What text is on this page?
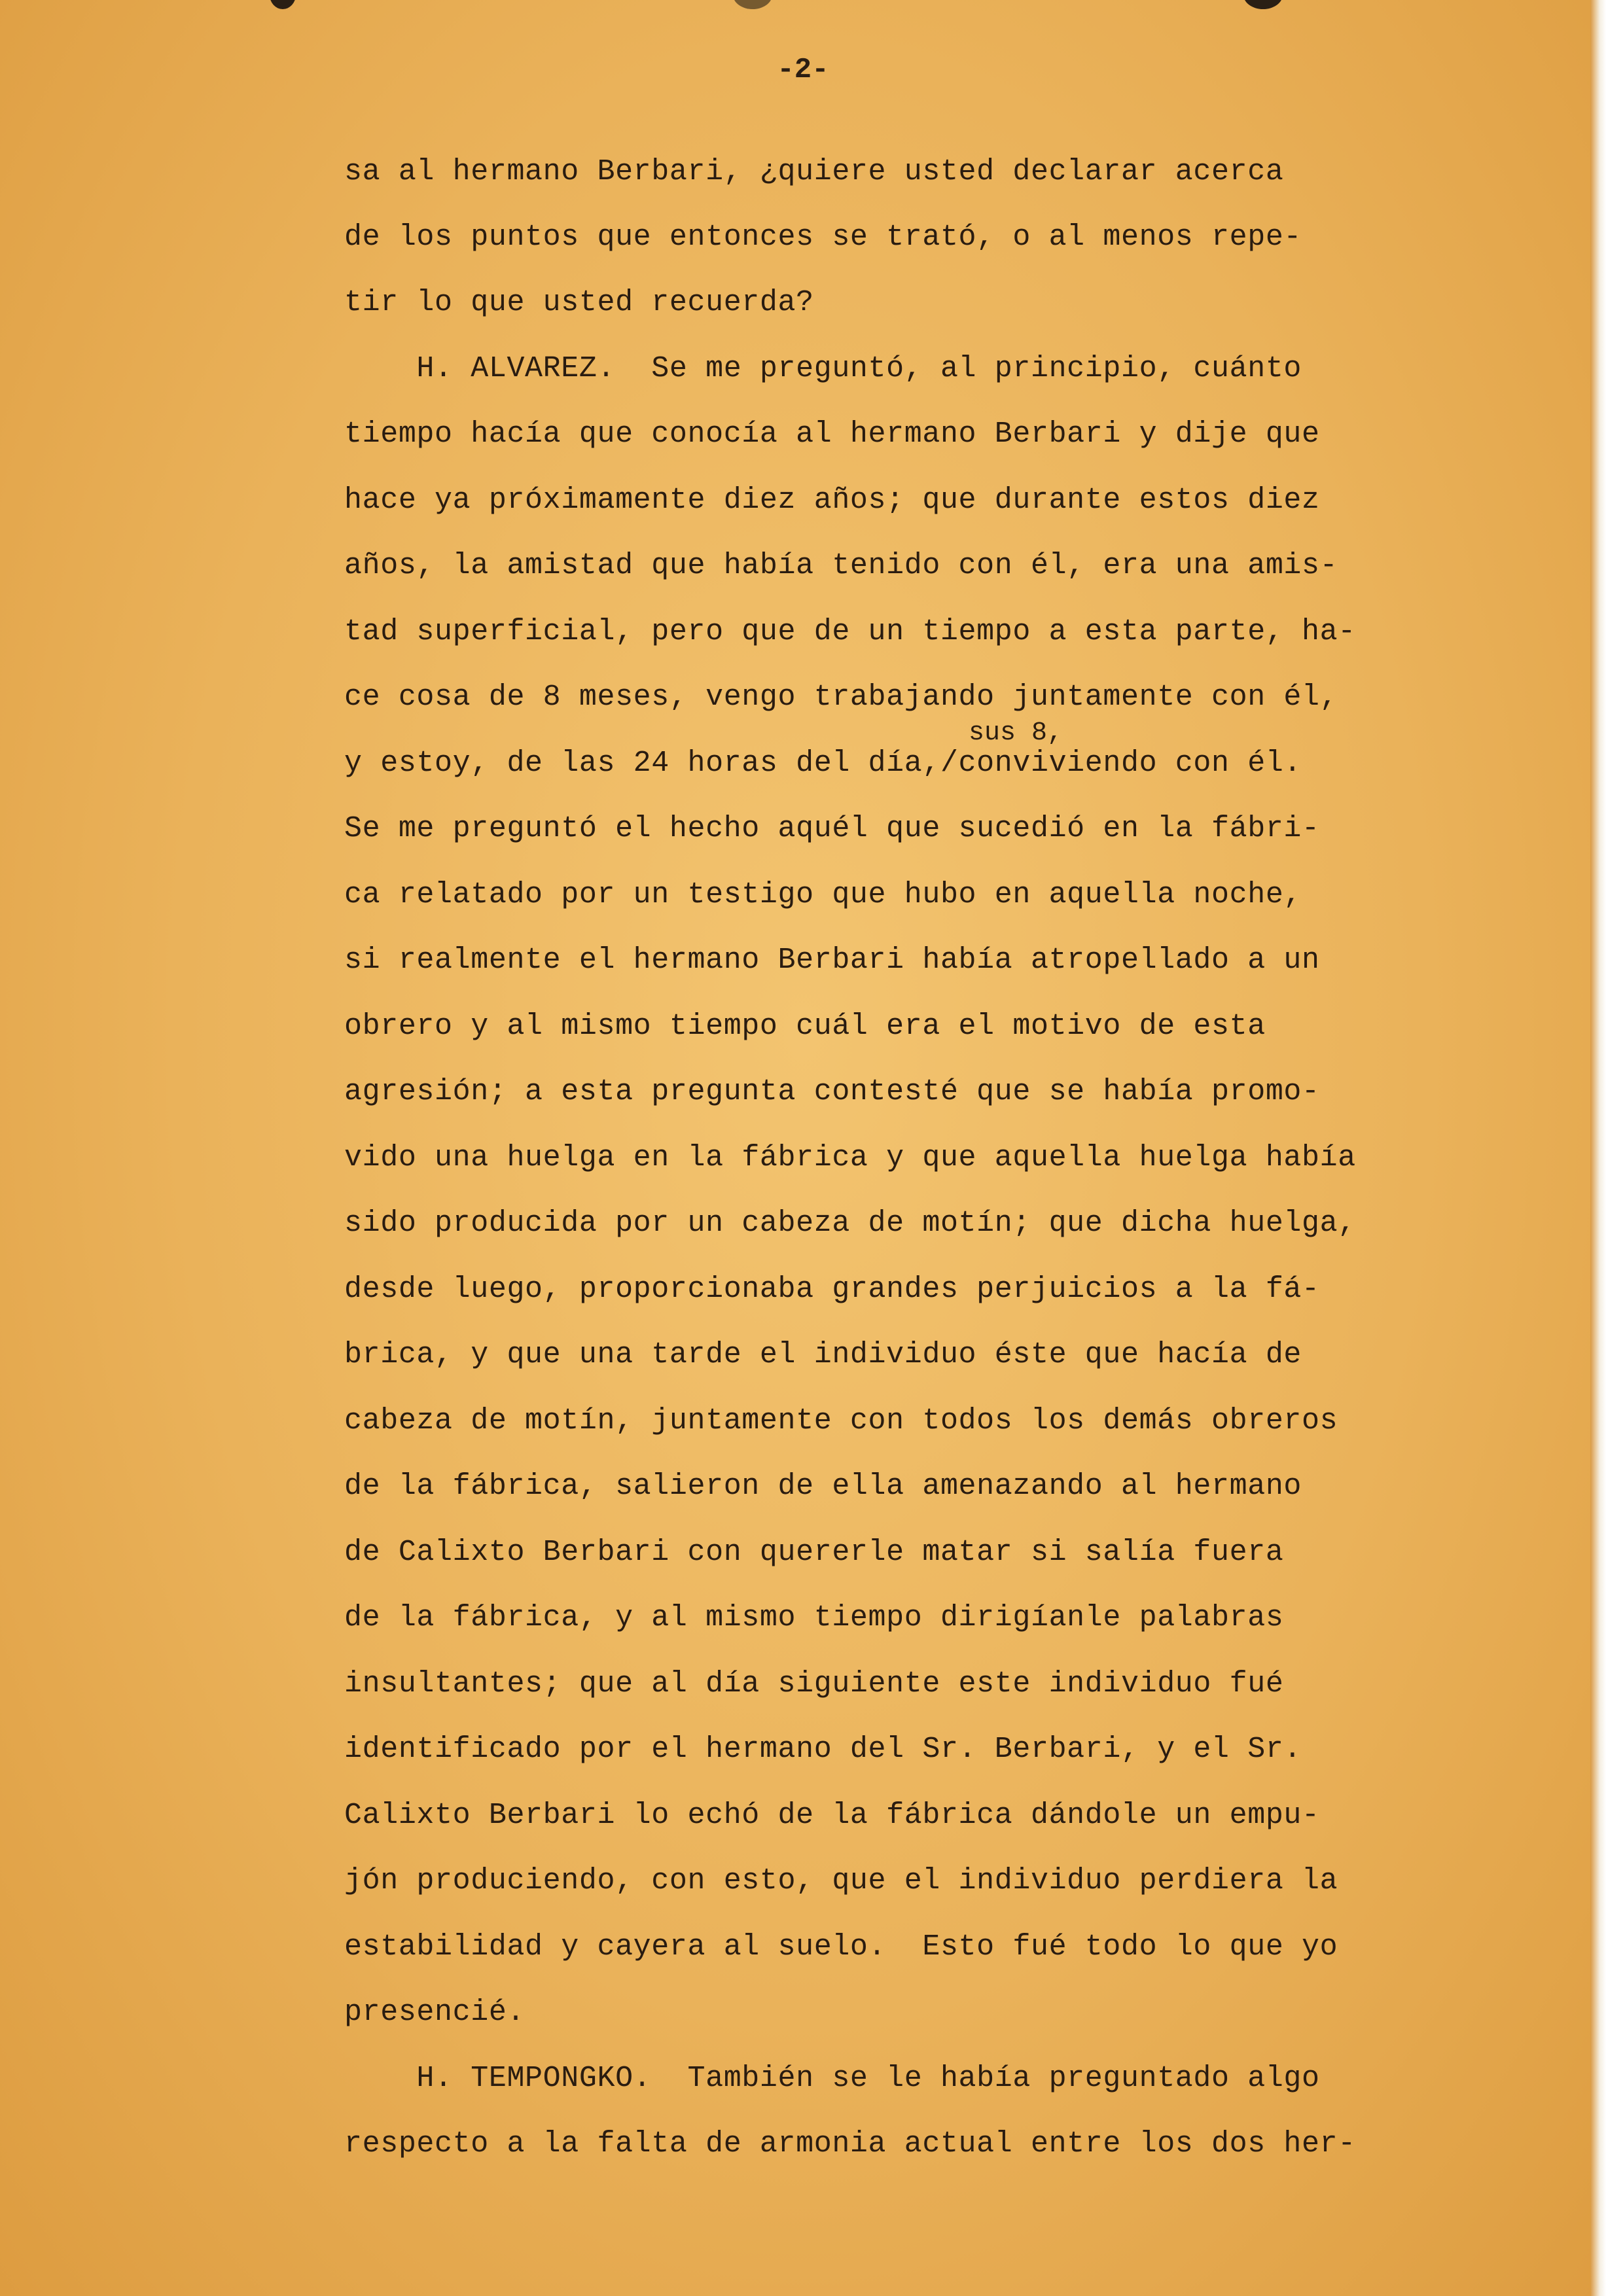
-2-
sus 8,
sa al hermano Berbari, ¿quiere usted declarar acerca
de los puntos que entonces se trató, o al menos repe-
tir lo que usted recuerda?
H. ALVAREZ.  Se me preguntó, al principio, cuánto
tiempo hacía que conocía al hermano Berbari y dije que
hace ya próximamente diez años; que durante estos diez
años, la amistad que había tenido con él, era una amis-
tad superficial, pero que de un tiempo a esta parte, ha-
ce cosa de 8 meses, vengo trabajando juntamente con él,
y estoy, de las 24 horas del día,/conviviendo con él.
Se me preguntó el hecho aquél que sucedió en la fábri-
ca relatado por un testigo que hubo en aquella noche,
si realmente el hermano Berbari había atropellado a un
obrero y al mismo tiempo cuál era el motivo de esta
agresión; a esta pregunta contesté que se había promo-
vido una huelga en la fábrica y que aquella huelga había
sido producida por un cabeza de motín; que dicha huelga,
desde luego, proporcionaba grandes perjuicios a la fá-
brica, y que una tarde el individuo éste que hacía de
cabeza de motín, juntamente con todos los demás obreros
de la fábrica, salieron de ella amenazando al hermano
de Calixto Berbari con quererle matar si salía fuera
de la fábrica, y al mismo tiempo dirigíanle palabras
insultantes; que al día siguiente este individuo fué
identificado por el hermano del Sr. Berbari, y el Sr.
Calixto Berbari lo echó de la fábrica dándole un empu-
jón produciendo, con esto, que el individuo perdiera la
estabilidad y cayera al suelo.  Esto fué todo lo que yo
presencié.
H. TEMPONGKO.  También se le había preguntado algo
respecto a la falta de armonia actual entre los dos her-
